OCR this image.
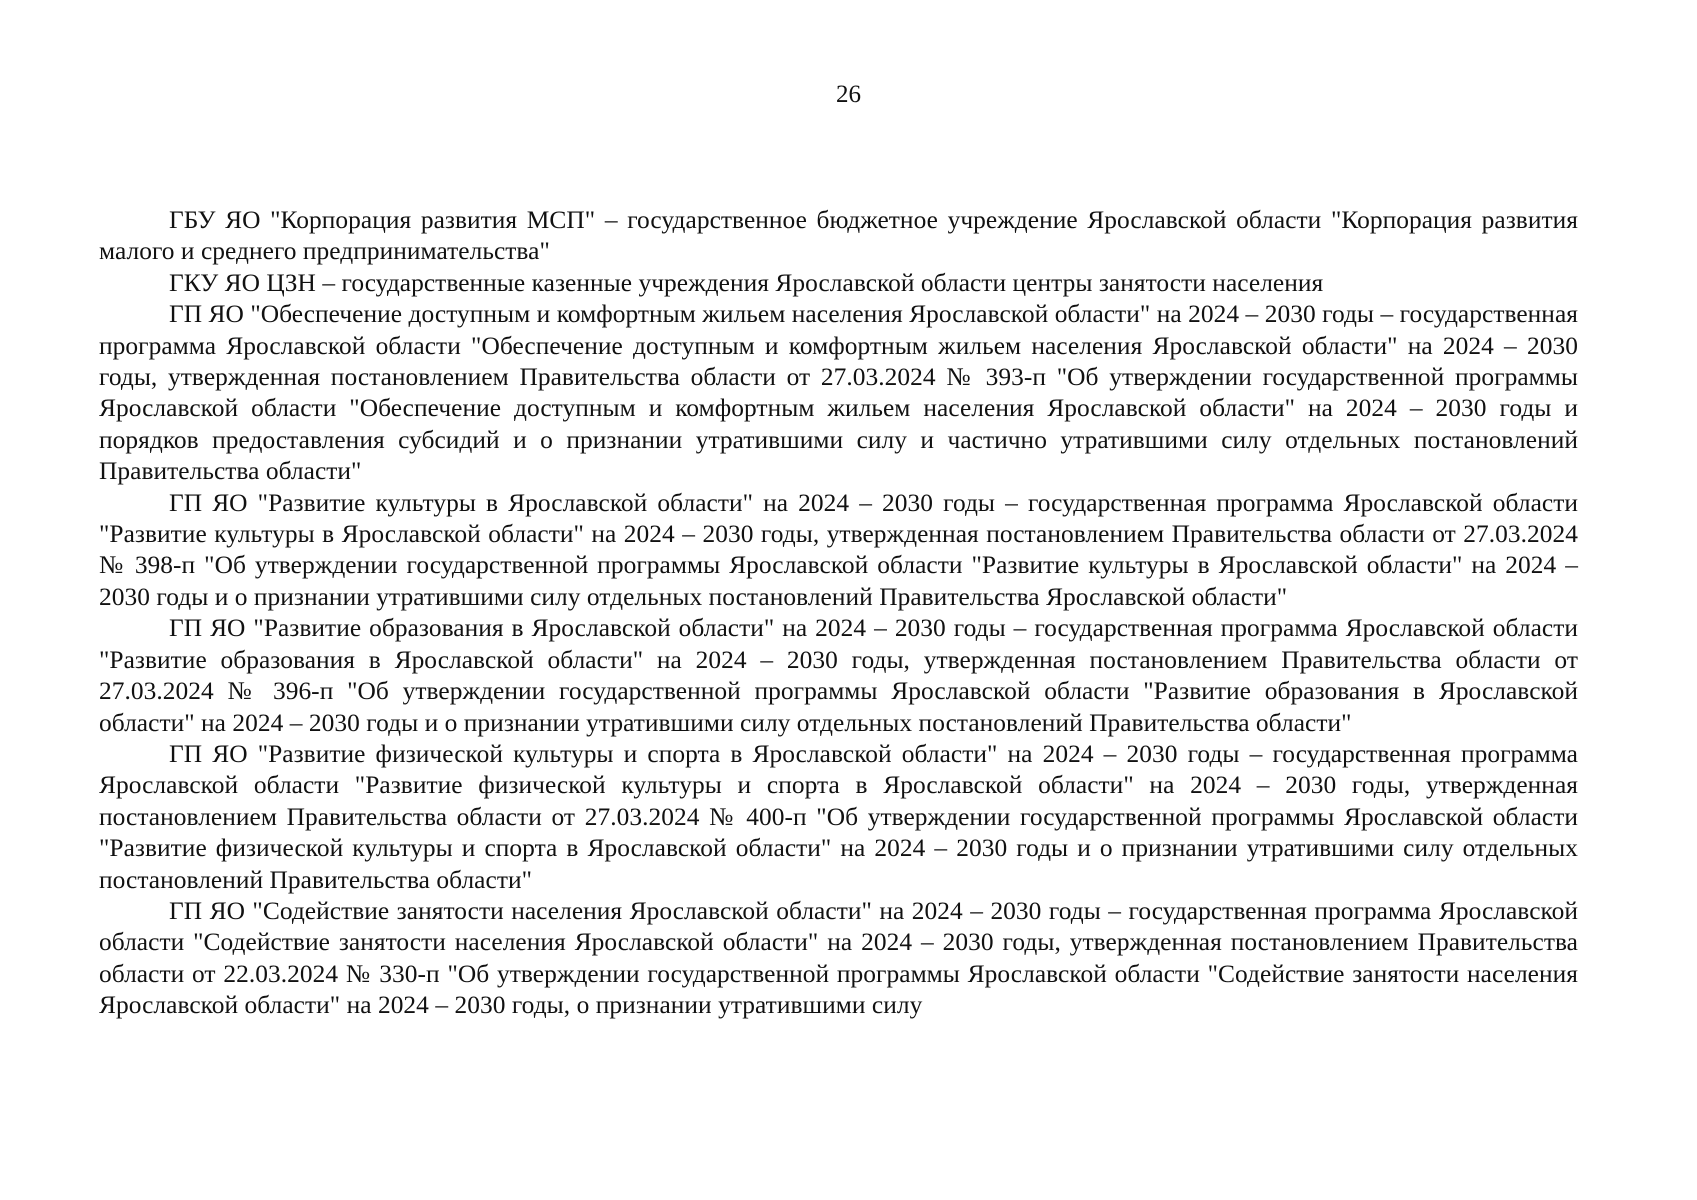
26

ГБУ ЯО "Корпорация развития МСП" – государственное бюджетное учреждение Ярославской области "Корпорация развития малого и среднего предпринимательства"

ГКУ ЯО ЦЗН – государственные казенные учреждения Ярославской области центры занятости населения

ГП ЯО "Обеспечение доступным и комфортным жильем населения Ярославской области" на 2024 – 2030 годы – государственная программа Ярославской области "Обеспечение доступным и комфортным жильем населения Ярославской области" на 2024 – 2030 годы, утвержденная постановлением Правительства области от 27.03.2024 № 393-п "Об утверждении государственной программы Ярославской области "Обеспечение доступным и комфортным жильем населения Ярославской области" на 2024 – 2030 годы и порядков предоставления субсидий и о признании утратившими силу и частично утратившими силу отдельных постановлений Правительства области"

ГП ЯО "Развитие культуры в Ярославской области" на 2024 – 2030 годы – государственная программа Ярославской области "Развитие культуры в Ярославской области" на 2024 – 2030 годы, утвержденная постановлением Правительства области от 27.03.2024 № 398-п "Об утверждении государственной программы Ярославской области "Развитие культуры в Ярославской области" на 2024 – 2030 годы и о признании утратившими силу отдельных постановлений Правительства Ярославской области"

ГП ЯО "Развитие образования в Ярославской области" на 2024 – 2030 годы – государственная программа Ярославской области "Развитие образования в Ярославской области" на 2024 – 2030 годы, утвержденная постановлением Правительства области от 27.03.2024 № 396-п "Об утверждении государственной программы Ярославской области "Развитие образования в Ярославской области" на 2024 – 2030 годы и о признании утратившими силу отдельных постановлений Правительства области"

ГП ЯО "Развитие физической культуры и спорта в Ярославской области" на 2024 – 2030 годы – государственная программа Ярославской области "Развитие физической культуры и спорта в Ярославской области" на 2024 – 2030 годы, утвержденная постановлением Правительства области от 27.03.2024 № 400-п "Об утверждении государственной программы Ярославской области "Развитие физической культуры и спорта в Ярославской области" на 2024 – 2030 годы и о признании утратившими силу отдельных постановлений Правительства области"

ГП ЯО "Содействие занятости населения Ярославской области" на 2024 – 2030 годы – государственная программа Ярославской области "Содействие занятости населения Ярославской области" на 2024 – 2030 годы, утвержденная постановлением Правительства области от 22.03.2024 № 330-п "Об утверждении государственной программы Ярославской области "Содействие занятости населения Ярославской области" на 2024 – 2030 годы, о признании утратившими силу
